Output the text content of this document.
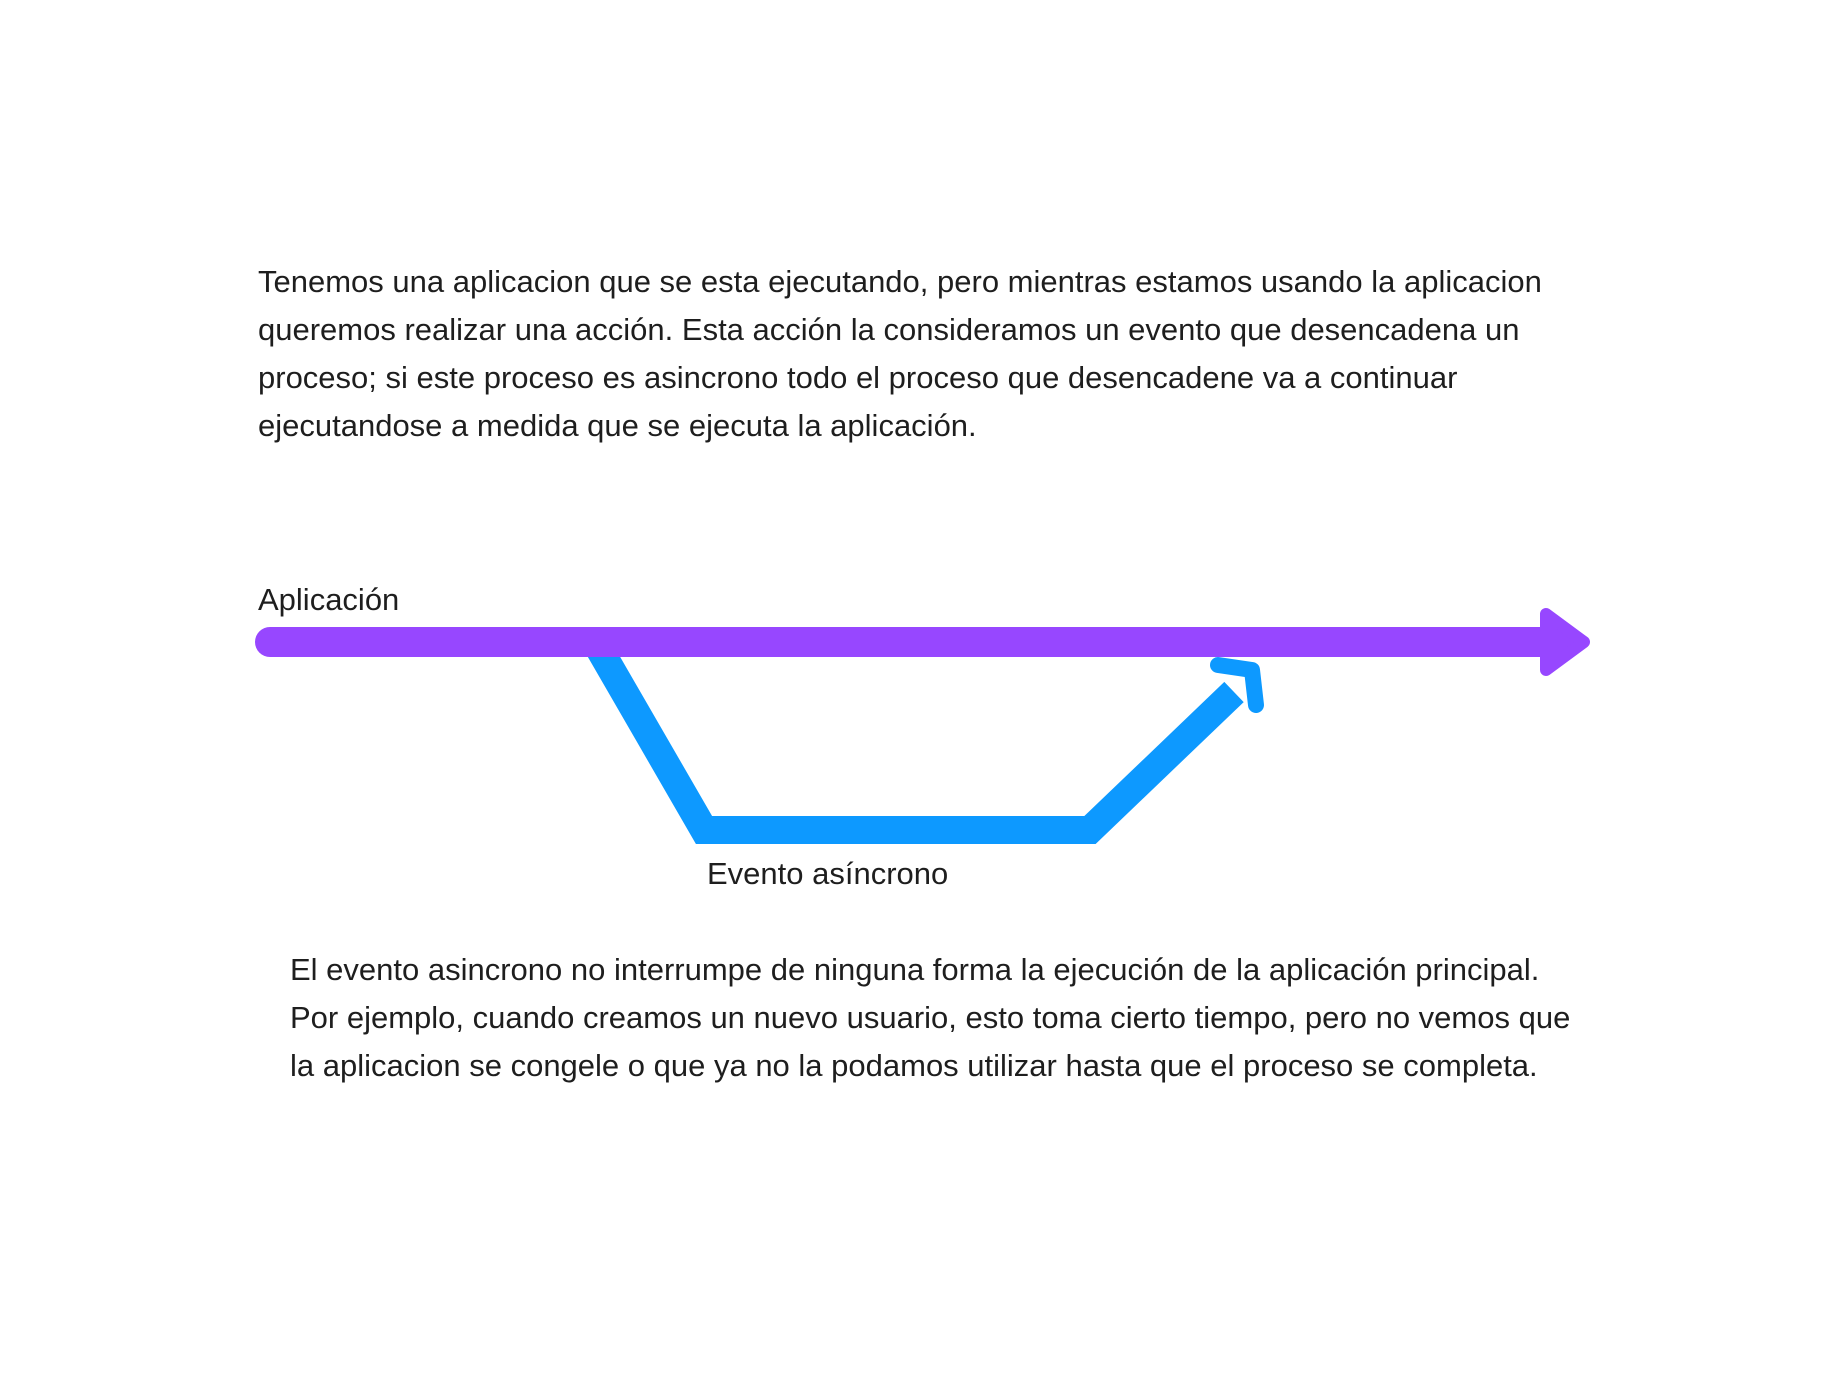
Tenemos una aplicacion que se esta ejecutando, pero mientras estamos usando la aplicacion queremos realizar una acción. Esta acción la consideramos un evento que desencadena un proceso; si este proceso es asincrono todo el proceso que desencadene va a continuar ejecutandose a medida que se ejecuta la aplicación.

Aplicación
Evento asíncrono

El evento asincrono no interrumpe de ninguna forma la ejecución de la aplicación principal. Por ejemplo, cuando creamos un nuevo usuario, esto toma cierto tiempo, pero no vemos que la aplicacion se congele o que ya no la podamos utilizar hasta que el proceso se completa.
